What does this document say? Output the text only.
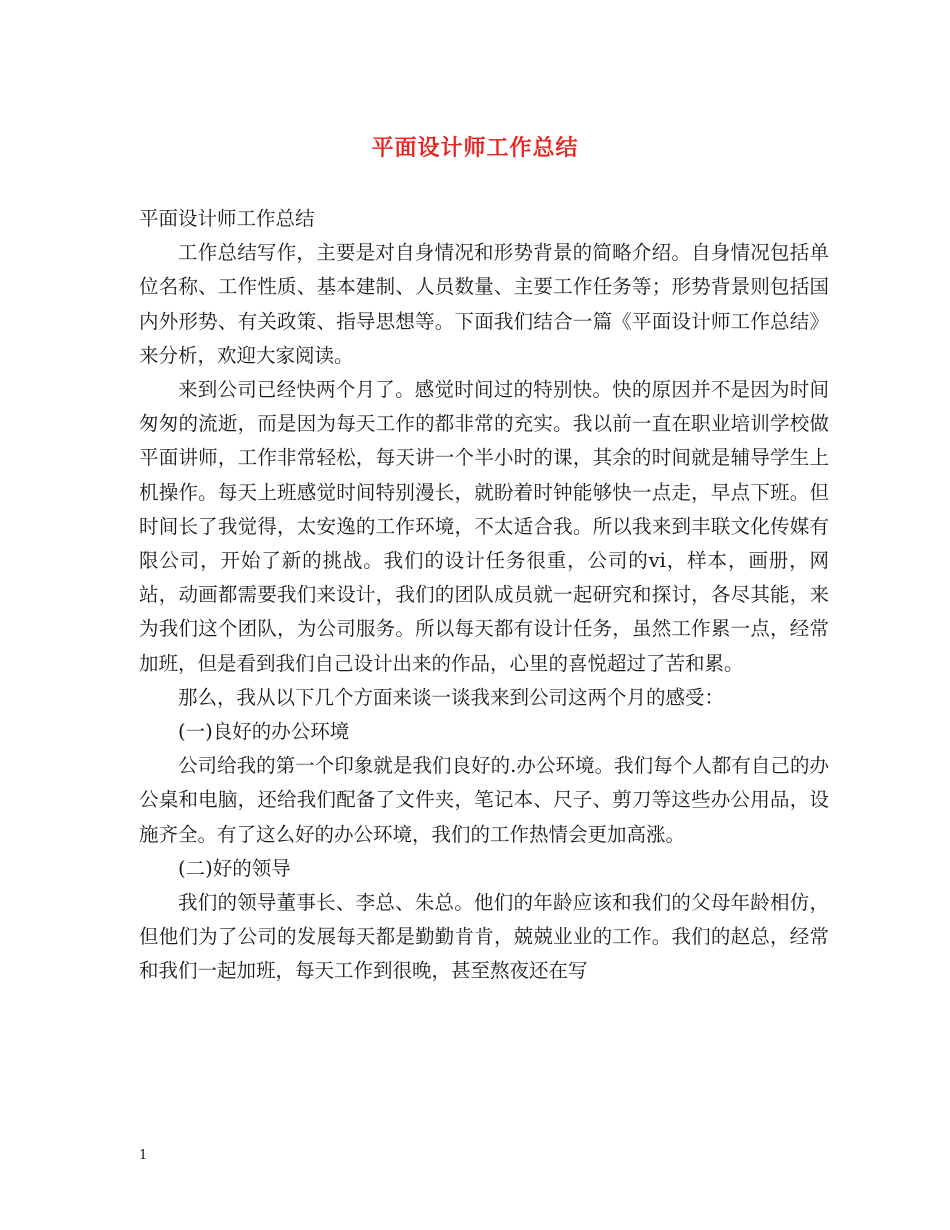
平面设计师工作总结

平面设计师工作总结

工作总结写作，主要是对自身情况和形势背景的简略介绍。自身情况包括单位名称、工作性质、基本建制、人员数量、主要工作任务等；形势背景则包括国内外形势、有关政策、指导思想等。下面我们结合一篇《平面设计师工作总结》来分析，欢迎大家阅读。

来到公司已经快两个月了。感觉时间过的特别快。快的原因并不是因为时间匆匆的流逝，而是因为每天工作的都非常的充实。我以前一直在职业培训学校做平面讲师，工作非常轻松，每天讲一个半小时的课，其余的时间就是辅导学生上机操作。每天上班感觉时间特别漫长，就盼着时钟能够快一点走，早点下班。但时间长了我觉得，太安逸的工作环境，不太适合我。所以我来到丰联文化传媒有限公司，开始了新的挑战。我们的设计任务很重，公司的vi，样本，画册，网站，动画都需要我们来设计，我们的团队成员就一起研究和探讨，各尽其能，来为我们这个团队，为公司服务。所以每天都有设计任务，虽然工作累一点，经常加班，但是看到我们自己设计出来的作品，心里的喜悦超过了苦和累。

那么，我从以下几个方面来谈一谈我来到公司这两个月的感受：

(一)良好的办公环境

公司给我的第一个印象就是我们良好的.办公环境。我们每个人都有自己的办公桌和电脑，还给我们配备了文件夹，笔记本、尺子、剪刀等这些办公用品，设施齐全。有了这么好的办公环境，我们的工作热情会更加高涨。

(二)好的领导

我们的领导董事长、李总、朱总。他们的年龄应该和我们的父母年龄相仿，但他们为了公司的发展每天都是勤勤肯肯，兢兢业业的工作。我们的赵总，经常和我们一起加班，每天工作到很晚，甚至熬夜还在写

1
